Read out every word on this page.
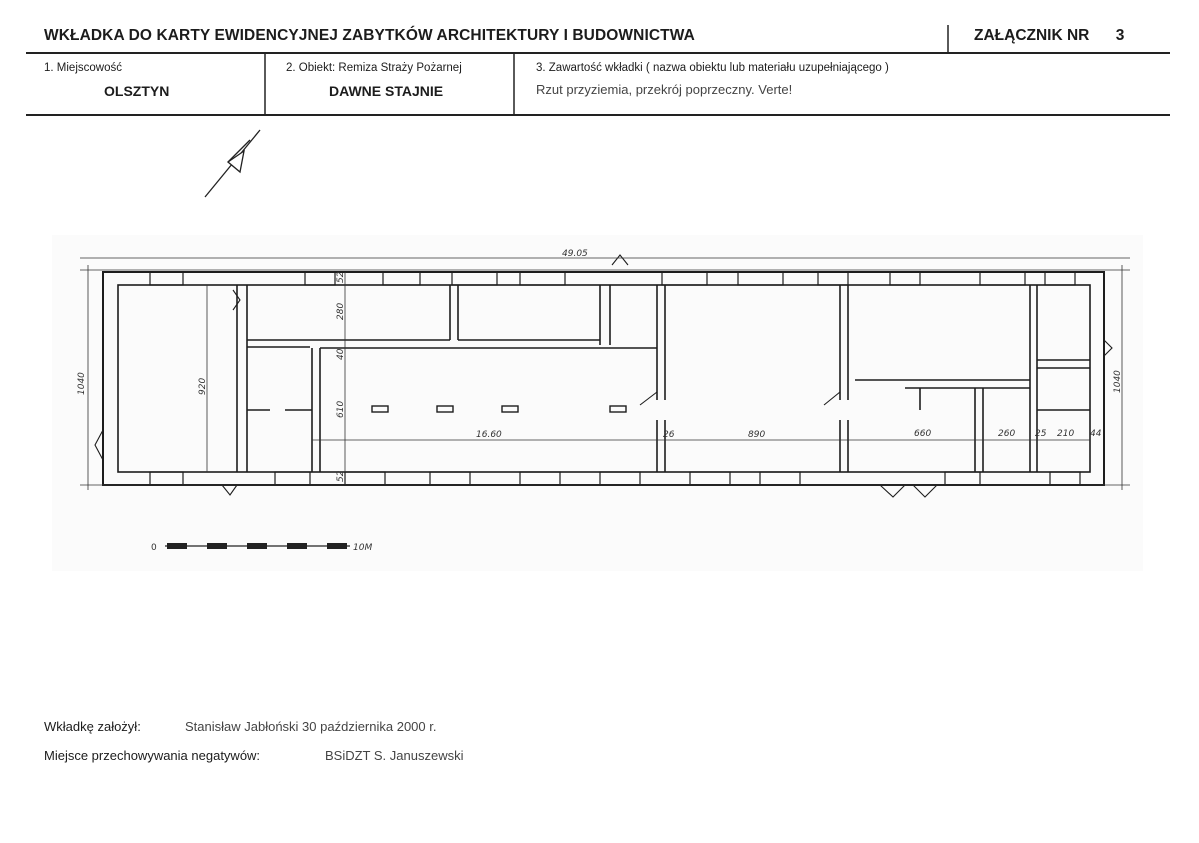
WKŁADKA DO KARTY EWIDENCYJNEJ ZABYTKÓW ARCHITEKTURY I BUDOWNICTWA	ZAŁĄCZNIK NR 3
1. Miejscowość
OLSZTYN
2. Obiekt: Remiza Straży Pożarnej
DAWNE STAJNIE
3. Zawartość wkładki ( nazwa obiektu lub materiału uzupełniającego )
Rzut przyziemia, przekrój poprzeczny. Verte!
49.05
1040	1040
920
280
40
610
52
52
16.60	26	890	660	260 25 210 44
0	10M
Wkładkę założył:	Stanisław Jabłoński 30 października 2000 r.
Miejsce przechowywania negatywów:	BSiDZT S. Januszewski
